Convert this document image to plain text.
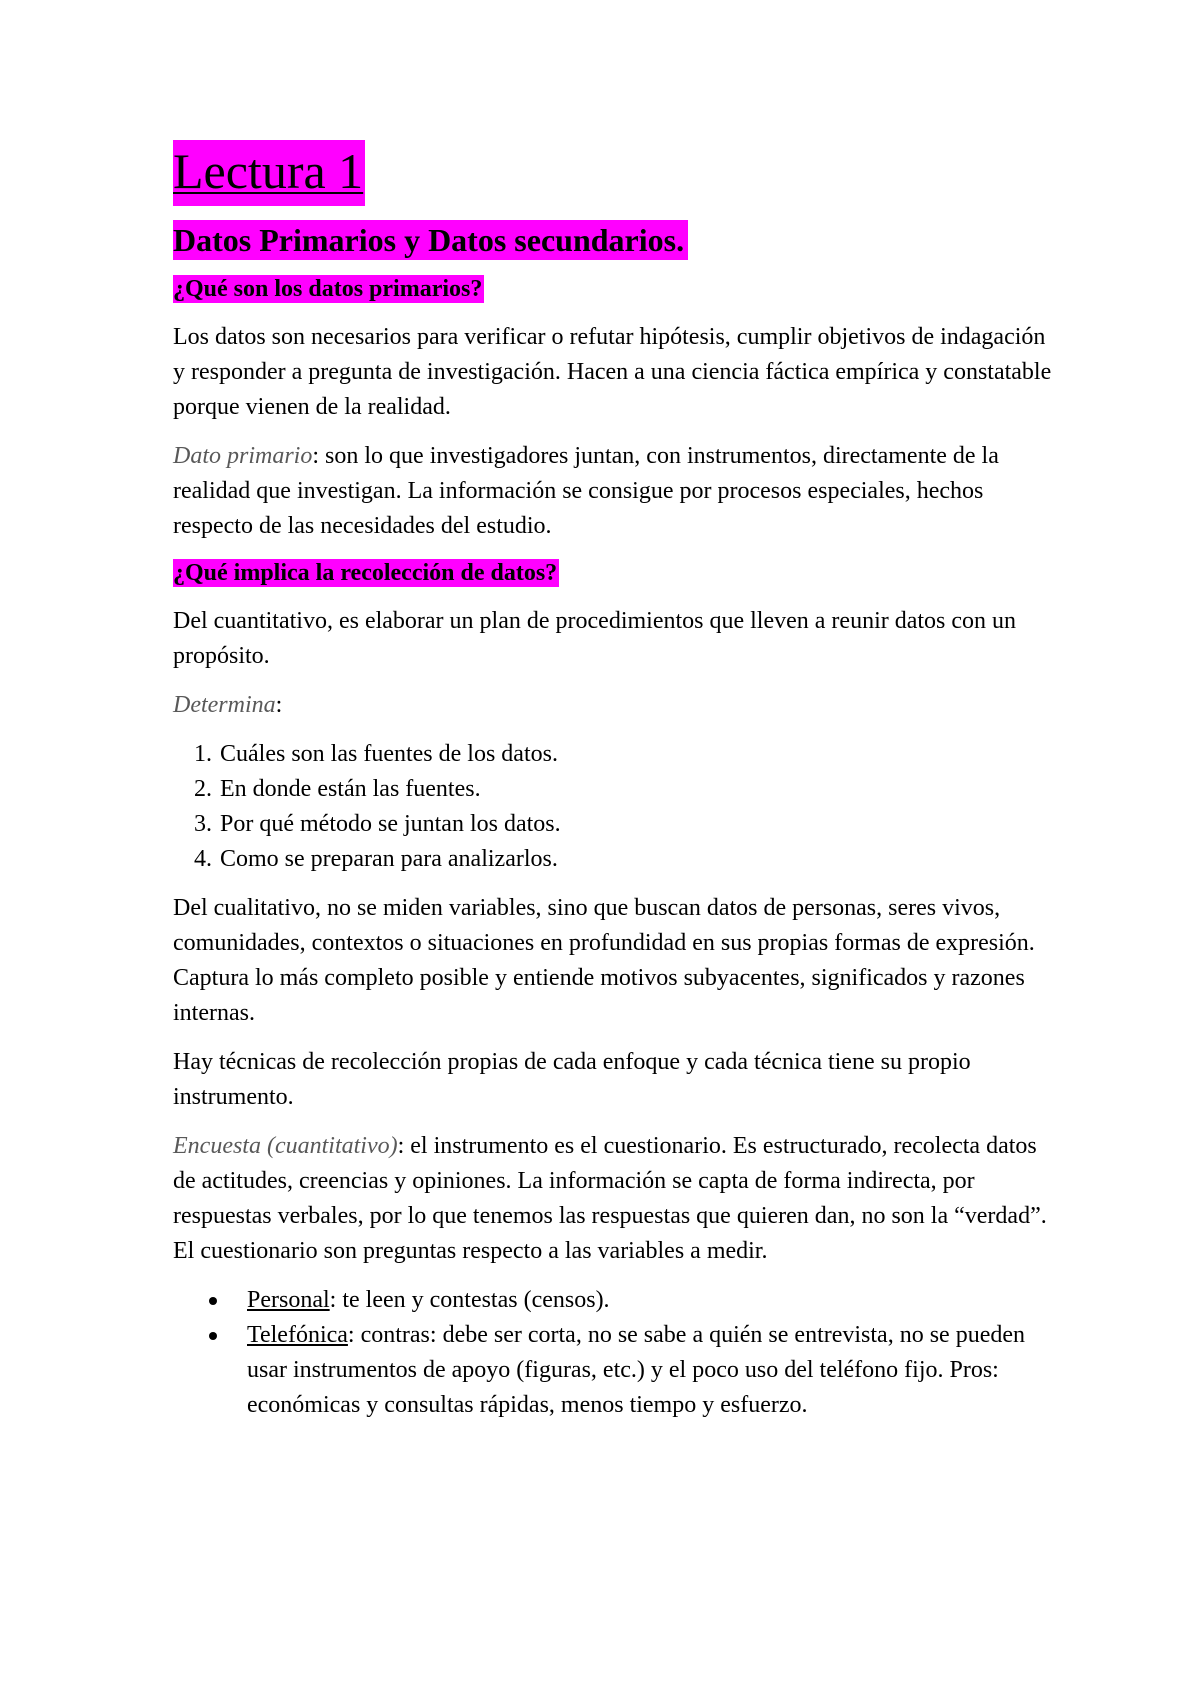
Lectura 1
Datos Primarios y Datos secundarios.
¿Qué son los datos primarios?

Los datos son necesarios para verificar o refutar hipótesis, cumplir objetivos de indagación y responder a pregunta de investigación. Hacen a una ciencia fáctica empírica y constatable porque vienen de la realidad.

Dato primario: son lo que investigadores juntan, con instrumentos, directamente de la realidad que investigan. La información se consigue por procesos especiales, hechos respecto de las necesidades del estudio.

¿Qué implica la recolección de datos?

Del cuantitativo, es elaborar un plan de procedimientos que lleven a reunir datos con un propósito.

Determina:

1. Cuáles son las fuentes de los datos.
2. En donde están las fuentes.
3. Por qué método se juntan los datos.
4. Como se preparan para analizarlos.

Del cualitativo, no se miden variables, sino que buscan datos de personas, seres vivos, comunidades, contextos o situaciones en profundidad en sus propias formas de expresión. Captura lo más completo posible y entiende motivos subyacentes, significados y razones internas.

Hay técnicas de recolección propias de cada enfoque y cada técnica tiene su propio instrumento.

Encuesta (cuantitativo): el instrumento es el cuestionario. Es estructurado, recolecta datos de actitudes, creencias y opiniones. La información se capta de forma indirecta, por respuestas verbales, por lo que tenemos las respuestas que quieren dan, no son la “verdad”. El cuestionario son preguntas respecto a las variables a medir.

Personal: te leen y contestas (censos).
Telefónica: contras: debe ser corta, no se sabe a quién se entrevista, no se pueden usar instrumentos de apoyo (figuras, etc.) y el poco uso del teléfono fijo. Pros: económicas y consultas rápidas, menos tiempo y esfuerzo.
